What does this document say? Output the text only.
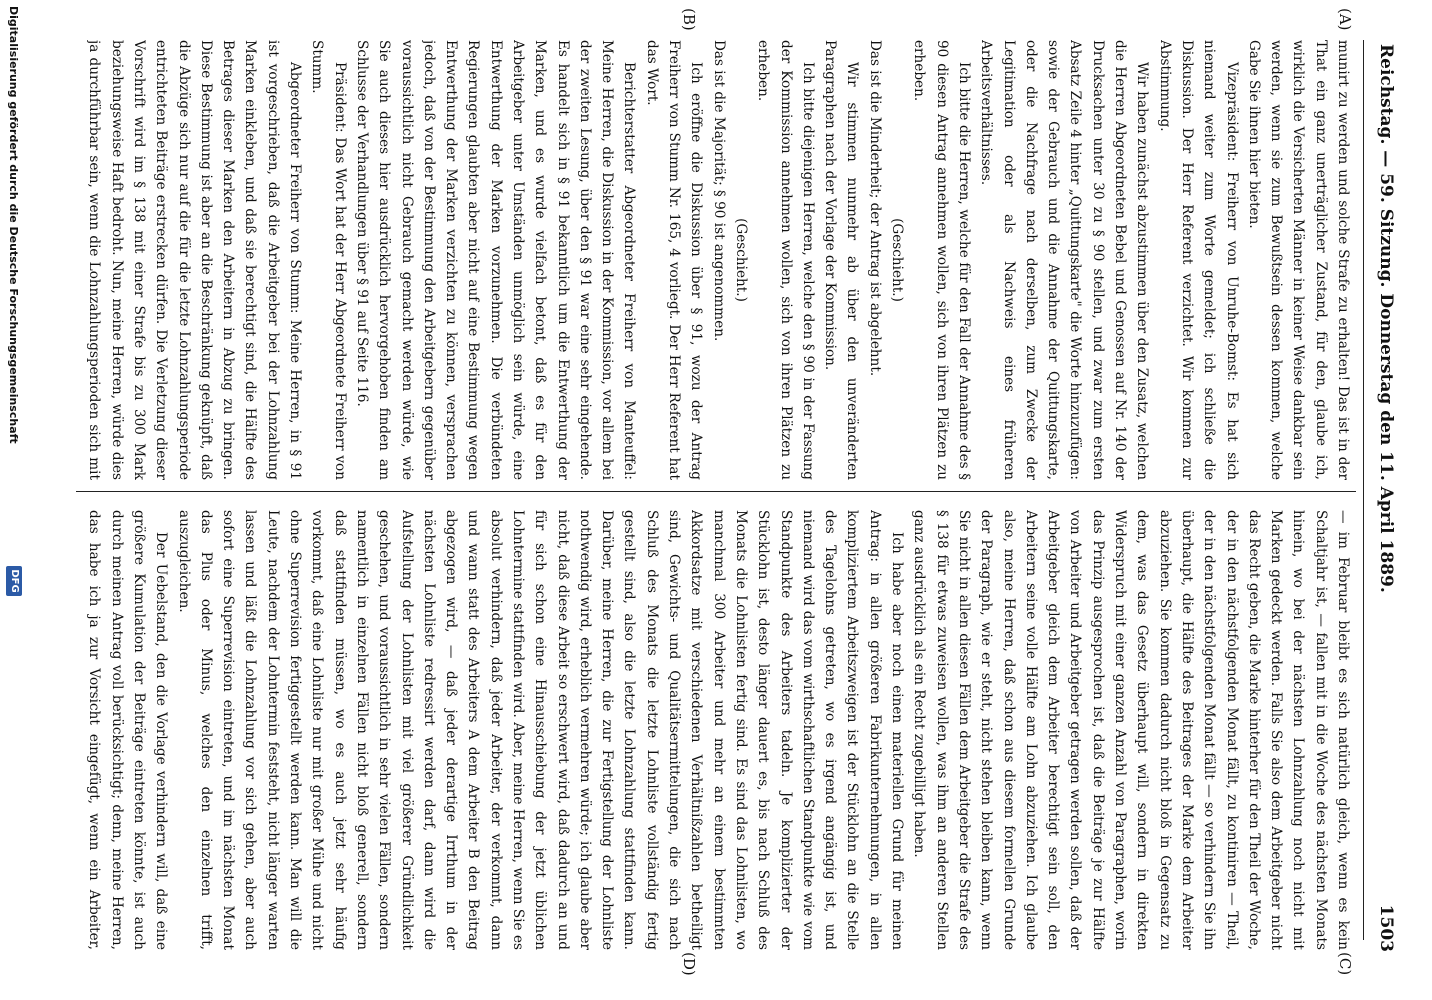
Reichstag. — 59. Sitzung. Donnerstag den 11. April 1889.
1503
(A)
(B)
(C)
(D)

munirt zu werden und solche Strafe zu erhalten! Das ist in der That ein ganz unerträglicher Zustand, für den, glaube ich, wirklich die Versicherten Männer in keiner Weise dankbar sein werden, wenn sie zum Bewußtsein dessen kommen, welche Gabe Sie ihnen hier bieten.

Vizepräsident: Freiherr von Unruhe-Bomst: Es hat sich niemand weiter zum Worte gemeldet; ich schließe die Diskussion. Der Herr Referent verzichtet. Wir kommen zur Abstimmung.

Wir haben zunächst abzustimmen über den Zusatz, welchen die Herren Abgeordneten Bebel und Genossen auf Nr. 140 der Drucksachen unter 30 zu § 90 stellen, und zwar zum ersten Absatz Zeile 4 hinter „Quittungskarte" die Worte hinzuzufügen: sowie der Gebrauch und die Annahme der Quittungskarte, oder die Nachfrage nach derselben, zum Zwecke der Legitimation oder als Nachweis eines früheren Arbeitsverhältnisses.

Ich bitte die Herren, welche für den Fall der Annahme des § 90 diesen Antrag annehmen wollen, sich von ihren Plätzen zu erheben.

(Geschieht.)

Das ist die Minderheit; der Antrag ist abgelehnt.

Wir stimmen nunmehr ab über den unveränderten Paragraphen nach der Vorlage der Kommission.

Ich bitte diejenigen Herren, welche den § 90 in der Fassung der Kommission annehmen wollen, sich von ihren Plätzen zu erheben.

(Geschieht.)

Das ist die Majorität; § 90 ist angenommen.

Ich eröffne die Diskussion über § 91, wozu der Antrag Freiherr von Stumm Nr. 165, 4 vorliegt. Der Herr Referent hat das Wort.

Berichterstatter Abgeordneter Freiherr von Manteuffel: Meine Herren, die Diskussion in der Kommission, vor allem bei der zweiten Lesung, über den § 91 war eine sehr eingehende. Es handelt sich in § 91 bekanntlich um die Entwerthung der Marken, und es wurde vielfach betont, daß es für den Arbeitgeber unter Umständen unmöglich sein würde, eine Entwerthung der Marken vorzunehmen. Die verbündeten Regierungen glaubten aber nicht auf eine Bestimmung wegen Entwerthung der Marken verzichten zu können, versprachen jedoch, daß von der Bestimmung den Arbeitgebern gegenüber voraussichtlich nicht Gebrauch gemacht werden würde, wie Sie auch dieses hier ausdrücklich hervorgehoben finden am Schlusse der Verhandlungen über § 91 auf Seite 116.

Präsident: Das Wort hat der Herr Abgeordnete Freiherr von Stumm.

Abgeordneter Freiherr von Stumm: Meine Herren, in § 91 ist vorgeschrieben, daß die Arbeitgeber bei der Lohnzahlung Marken einkleben, und daß sie berechtigt sind, die Hälfte des Betrages dieser Marken den Arbeitern in Abzug zu bringen. Diese Bestimmung ist aber an die Beschränkung geknüpft, daß die Abzüge sich nur auf die für die letzte Lohnzahlungsperiode entrichteten Beiträge erstrecken dürfen. Die Verletzung dieser Vorschrift wird im § 138 mit einer Strafe bis zu 300 Mark beziehungsweise Haft bedroht. Nun, meine Herren, würde dies ja durchführbar sein, wenn die Lohnzahlungsperioden sich mit

— im Februar bleibt es sich natürlich gleich, wenn es kein Schaltjahr ist, — fallen mit in die Woche des nächsten Monats hinein, wo bei der nächsten Lohnzahlung noch nicht mit Marken gedeckt werden. Falls Sie also dem Arbeitgeber nicht das Recht geben, die Marke hinterher für den Theil der Woche, der in den nächstfolgenden Monat fällt, zu kontiniren — Theil, der in den nächstfolgenden Monat fällt — so verhindern Sie ihn überhaupt, die Hälfte des Beitrages der Marke dem Arbeiter abzuziehen. Sie kommen dadurch nicht bloß in Gegensatz zu dem, was das Gesetz überhaupt will, sondern in direkten Widerspruch mit einer ganzen Anzahl von Paragraphen, worin das Prinzip ausgesprochen ist, daß die Beiträge je zur Hälfte von Arbeiter und Arbeitgeber getragen werden sollen, daß der Arbeitgeber gleich dem Arbeiter berechtigt sein soll, den Arbeitern seine volle Hälfte am Lohn abzuziehen. Ich glaube also, meine Herren, daß schon aus diesem formellen Grunde der Paragraph, wie er steht, nicht stehen bleiben kann, wenn Sie nicht in allen diesen Fällen dem Arbeitgeber die Strafe des § 138 für etwas zuweisen wollen, was ihm an anderen Stellen ganz ausdrücklich als ein Recht zugebilligt haben.

Ich habe aber noch einen materiellen Grund für meinen Antrag: in allen größeren Fabrikunternehmungen, in allen kompliziertem Arbeitszweigen ist der Stücklohn an die Stelle des Tagelohns getreten, wo es irgend angängig ist, und niemand wird das vom wirthschaftlichen Standpunkte wie vom Standpunkte des Arbeiters tadeln. Je komplizierter der Stücklohn ist, desto länger dauert es, bis nach Schluß des Monats die Lohnlisten fertig sind. Es sind das Lohnlisten, wo manchmal 300 Arbeiter und mehr an einem bestimmten Akkordsatze mit verschiedenen Verhältnißzahlen betheiligt sind, Gewichts- und Qualitätsermittelungen, die sich nach Schluß des Monats die letzte Lohnliste vollständig fertig gestellt sind, also die letzte Lohnzahlung stattfinden kann. Darüber, meine Herren, die zur Fertigstellung der Lohnliste nothwendig wird, erheblich vermehren würde; ich glaube aber nicht, daß diese Arbeit so erschwert wird, daß dadurch an und für sich schon eine Hinausschiebung der jetzt üblichen Lohntermine stattfinden wird. Aber, meine Herren, wenn Sie es absolut verhindern, daß jeder Arbeiter, der verkommt, dann und wann statt des Arbeiters A dem Arbeiter B den Beitrag abgezogen wird, — daß jeder derartige Irrthum in der nächsten Lohnliste redressirt werden darf, dann wird die Aufstellung der Lohnlisten mit viel größerer Gründlichkeit geschehen, und voraussichtlich in sehr vielen Fällen, sondern namentlich in einzelnen Fällen nicht bloß generell, sondern daß stattfinden müssen, wo es auch jetzt sehr häufig vorkommt, daß eine Lohnliste nur mit großer Mühe und nicht ohne Superrevision fertiggestellt werden kann. Man will die Leute, nachdem der Lohntermin feststeht, nicht länger warten lassen und läßt die Lohnzahlung vor sich gehen, aber auch sofort eine Superrevision eintreten, und im nächsten Monat das Plus oder Minus, welches den einzelnen trifft, auszugleichen.

Der Uebelstand, den die Vorlage verhindern will, daß eine größere Kumulation der Beiträge eintreten könnte, ist auch durch meinen Antrag voll berücksichtigt; denn, meine Herren, das habe ich ja zur Vorsicht eingefügt, wenn ein Arbeiter,

Digitalisierung gefördert durch die Deutsche Forschungsgemeinschaft
DFG
